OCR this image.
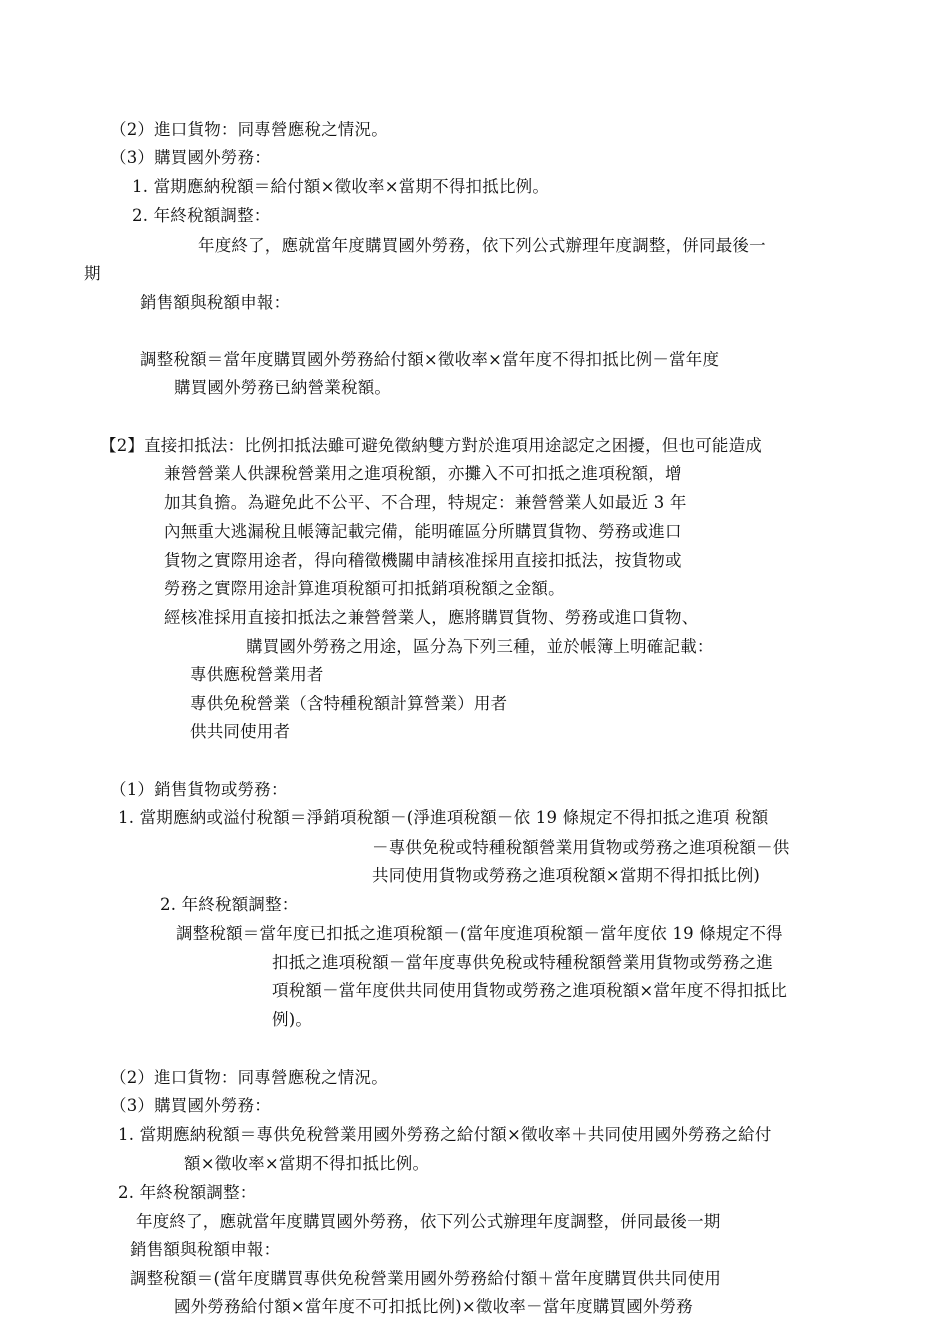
（2）進口貨物：同專營應稅之情況。
（3）購買國外勞務：
1. 當期應納稅額＝給付額×徵收率×當期不得扣抵比例。
2. 年終稅額調整：
年度終了，應就當年度購買國外勞務，依下列公式辦理年度調整，併同最後一
期
銷售額與稅額申報：
調整稅額＝當年度購買國外勞務給付額×徵收率×當年度不得扣抵比例－當年度
購買國外勞務已納營業稅額。
【2】直接扣抵法：比例扣抵法雖可避免徵納雙方對於進項用途認定之困擾，但也可能造成
兼營營業人供課稅營業用之進項稅額，亦攤入不可扣抵之進項稅額，增
加其負擔。為避免此不公平、不合理，特規定：兼營營業人如最近 3 年
內無重大逃漏稅且帳簿記載完備，能明確區分所購買貨物、勞務或進口
貨物之實際用途者，得向稽徵機關申請核准採用直接扣抵法，按貨物或
勞務之實際用途計算進項稅額可扣抵銷項稅額之金額。
經核准採用直接扣抵法之兼營營業人，應將購買貨物、勞務或進口貨物、
購買國外勞務之用途，區分為下列三種，並於帳簿上明確記載：
專供應稅營業用者
專供免稅營業（含特種稅額計算營業）用者
供共同使用者
（1）銷售貨物或勞務：
1. 當期應納或溢付稅額＝淨銷項稅額－(淨進項稅額－依 19 條規定不得扣抵之進項 稅額
－專供免稅或特種稅額營業用貨物或勞務之進項稅額－供
共同使用貨物或勞務之進項稅額×當期不得扣抵比例)
2. 年終稅額調整：
調整稅額＝當年度已扣抵之進項稅額－(當年度進項稅額－當年度依 19 條規定不得
扣抵之進項稅額－當年度專供免稅或特種稅額營業用貨物或勞務之進
項稅額－當年度供共同使用貨物或勞務之進項稅額×當年度不得扣抵比
例)。
（2）進口貨物：同專營應稅之情況。
（3）購買國外勞務：
1. 當期應納稅額＝專供免稅營業用國外勞務之給付額×徵收率＋共同使用國外勞務之給付
額×徵收率×當期不得扣抵比例。
2. 年終稅額調整：
年度終了，應就當年度購買國外勞務，依下列公式辦理年度調整，併同最後一期
銷售額與稅額申報：
調整稅額＝(當年度購買專供免稅營業用國外勞務給付額＋當年度購買供共同使用
國外勞務給付額×當年度不可扣抵比例)×徵收率－當年度購買國外勞務
